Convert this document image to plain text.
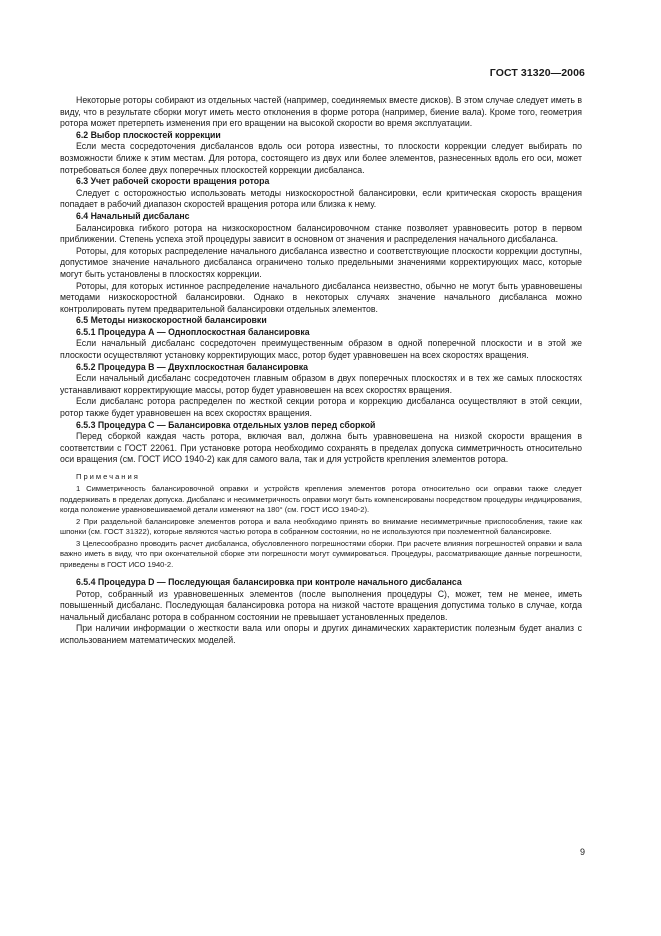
ГОСТ 31320—2006

Некоторые роторы собирают из отдельных частей (например, соединяемых вместе дисков). В этом случае следует иметь в виду, что в результате сборки могут иметь место отклонения в форме ротора (например, биение вала). Кроме того, геометрия ротора может претерпеть изменения при его вращении на высокой скорости во время эксплуатации.

6.2 Выбор плоскостей коррекции

Если места сосредоточения дисбалансов вдоль оси ротора известны, то плоскости коррекции следует выбирать по возможности ближе к этим местам. Для ротора, состоящего из двух или более элементов, разнесенных вдоль его оси, может потребоваться более двух поперечных плоскостей коррекции дисбаланса.

6.3 Учет рабочей скорости вращения ротора

Следует с осторожностью использовать методы низкоскоростной балансировки, если критическая скорость вращения попадает в рабочий диапазон скоростей вращения ротора или близка к нему.

6.4 Начальный дисбаланс

Балансировка гибкого ротора на низкоскоростном балансировочном станке позволяет уравновесить ротор в первом приближении. Степень успеха этой процедуры зависит в основном от значения и распределения начального дисбаланса.

Роторы, для которых распределение начального дисбаланса известно и соответствующие плоскости коррекции доступны, допустимое значение начального дисбаланса ограничено только предельными значениями корректирующих масс, которые могут быть установлены в плоскостях коррекции.

Роторы, для которых истинное распределение начального дисбаланса неизвестно, обычно не могут быть уравновешены методами низкоскоростной балансировки. Однако в некоторых случаях значение начального дисбаланса можно контролировать путем предварительной балансировки отдельных элементов.

6.5 Методы низкоскоростной балансировки
6.5.1 Процедура А — Одноплоскостная балансировка

Если начальный дисбаланс сосредоточен преимущественным образом в одной поперечной плоскости и в этой же плоскости осуществляют установку корректирующих масс, ротор будет уравновешен на всех скоростях вращения.

6.5.2 Процедура В — Двухплоскостная балансировка

Если начальный дисбаланс сосредоточен главным образом в двух поперечных плоскостях и в тех же самых плоскостях устанавливают корректирующие массы, ротор будет уравновешен на всех скоростях вращения.

Если дисбаланс ротора распределен по жесткой секции ротора и коррекцию дисбаланса осуществляют в этой секции, ротор также будет уравновешен на всех скоростях вращения.

6.5.3 Процедура С — Балансировка отдельных узлов перед сборкой

Перед сборкой каждая часть ротора, включая вал, должна быть уравновешена на низкой скорости вращения в соответствии с ГОСТ 22061. При установке ротора необходимо сохранять в пределах допуска симметричность относительно оси вращения (см. ГОСТ ИСО 1940-2) как для самого вала, так и для устройств крепления элементов ротора.

Примечания

1 Симметричность балансировочной оправки и устройств крепления элементов ротора относительно оси оправки также следует поддерживать в пределах допуска. Дисбаланс и несимметричность оправки могут быть компенсированы посредством процедуры индицирования, когда положение уравновешиваемой детали изменяют на 180° (см. ГОСТ ИСО 1940-2).

2 При раздельной балансировке элементов ротора и вала необходимо принять во внимание несимметричные приспособления, такие как шпонки (см. ГОСТ 31322), которые являются частью ротора в собранном состоянии, но не используются при поэлементной балансировке.

3 Целесообразно проводить расчет дисбаланса, обусловленного погрешностями сборки. При расчете влияния погрешностей оправки и вала важно иметь в виду, что при окончательной сборке эти погрешности могут суммироваться. Процедуры, рассматривающие данные погрешности, приведены в ГОСТ ИСО 1940-2.

6.5.4 Процедура D — Последующая балансировка при контроле начального дисбаланса

Ротор, собранный из уравновешенных элементов (после выполнения процедуры С), может, тем не менее, иметь повышенный дисбаланс. Последующая балансировка ротора на низкой частоте вращения допустима только в случае, когда начальный дисбаланс ротора в собранном состоянии не превышает установленных пределов.

При наличии информации о жесткости вала или опоры и других динамических характеристик полезным будет анализ с использованием математических моделей.

9
